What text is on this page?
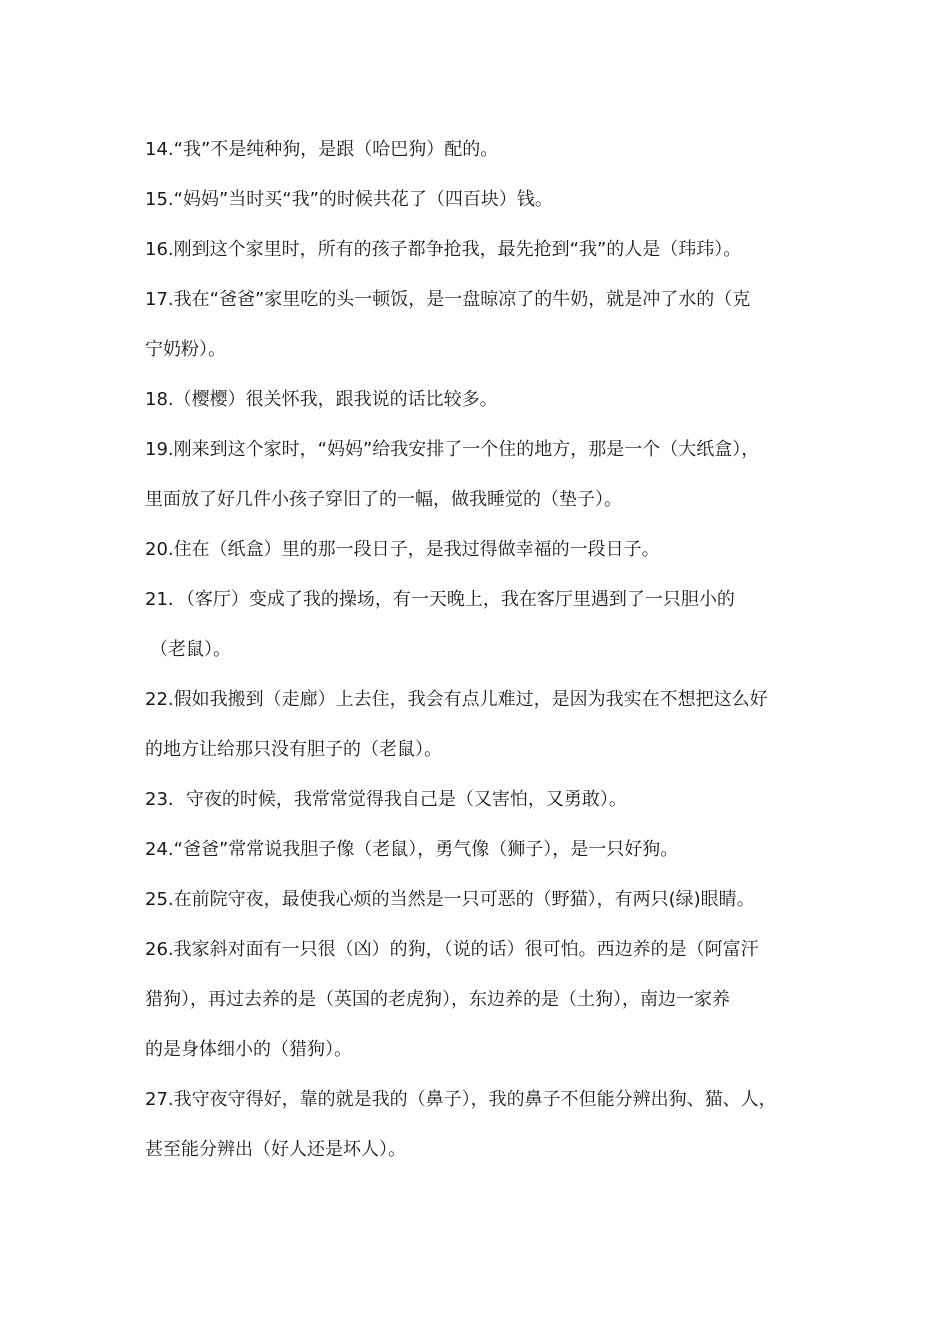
14.“我”不是纯种狗，是跟（哈巴狗）配的。
15.“妈妈”当时买“我”的时候共花了（四百块）钱。
16.刚到这个家里时，所有的孩子都争抢我，最先抢到“我”的人是（玮玮）。
17.我在“爸爸”家里吃的头一顿饭，是一盘晾凉了的牛奶，就是冲了水的（克
宁奶粉）。
18.（樱樱）很关怀我，跟我说的话比较多。
19.刚来到这个家时，“妈妈”给我安排了一个住的地方，那是一个（大纸盒），
里面放了好几件小孩子穿旧了的一幅，做我睡觉的（垫子）。
20.住在（纸盒）里的那一段日子，是我过得做幸福的一段日子。
21．（客厅）变成了我的操场，有一天晚上，我在客厅里遇到了一只胆小的
（老鼠）。
22.假如我搬到（走廊）上去住，我会有点儿难过，是因为我实在不想把这么好
的地方让给那只没有胆子的（老鼠）。
23．守夜的时候，我常常觉得我自己是（又害怕，又勇敢）。
24.“爸爸”常常说我胆子像（老鼠），勇气像（狮子），是一只好狗。
25.在前院守夜，最使我心烦的当然是一只可恶的（野猫），有两只(绿)眼睛。
26.我家斜对面有一只很（凶）的狗，（说的话）很可怕。西边养的是（阿富汗
猎狗），再过去养的是（英国的老虎狗），东边养的是（土狗），南边一家养
的是身体细小的（猎狗）。
27.我守夜守得好，靠的就是我的（鼻子），我的鼻子不但能分辨出狗、猫、人，
甚至能分辨出（好人还是坏人）。
